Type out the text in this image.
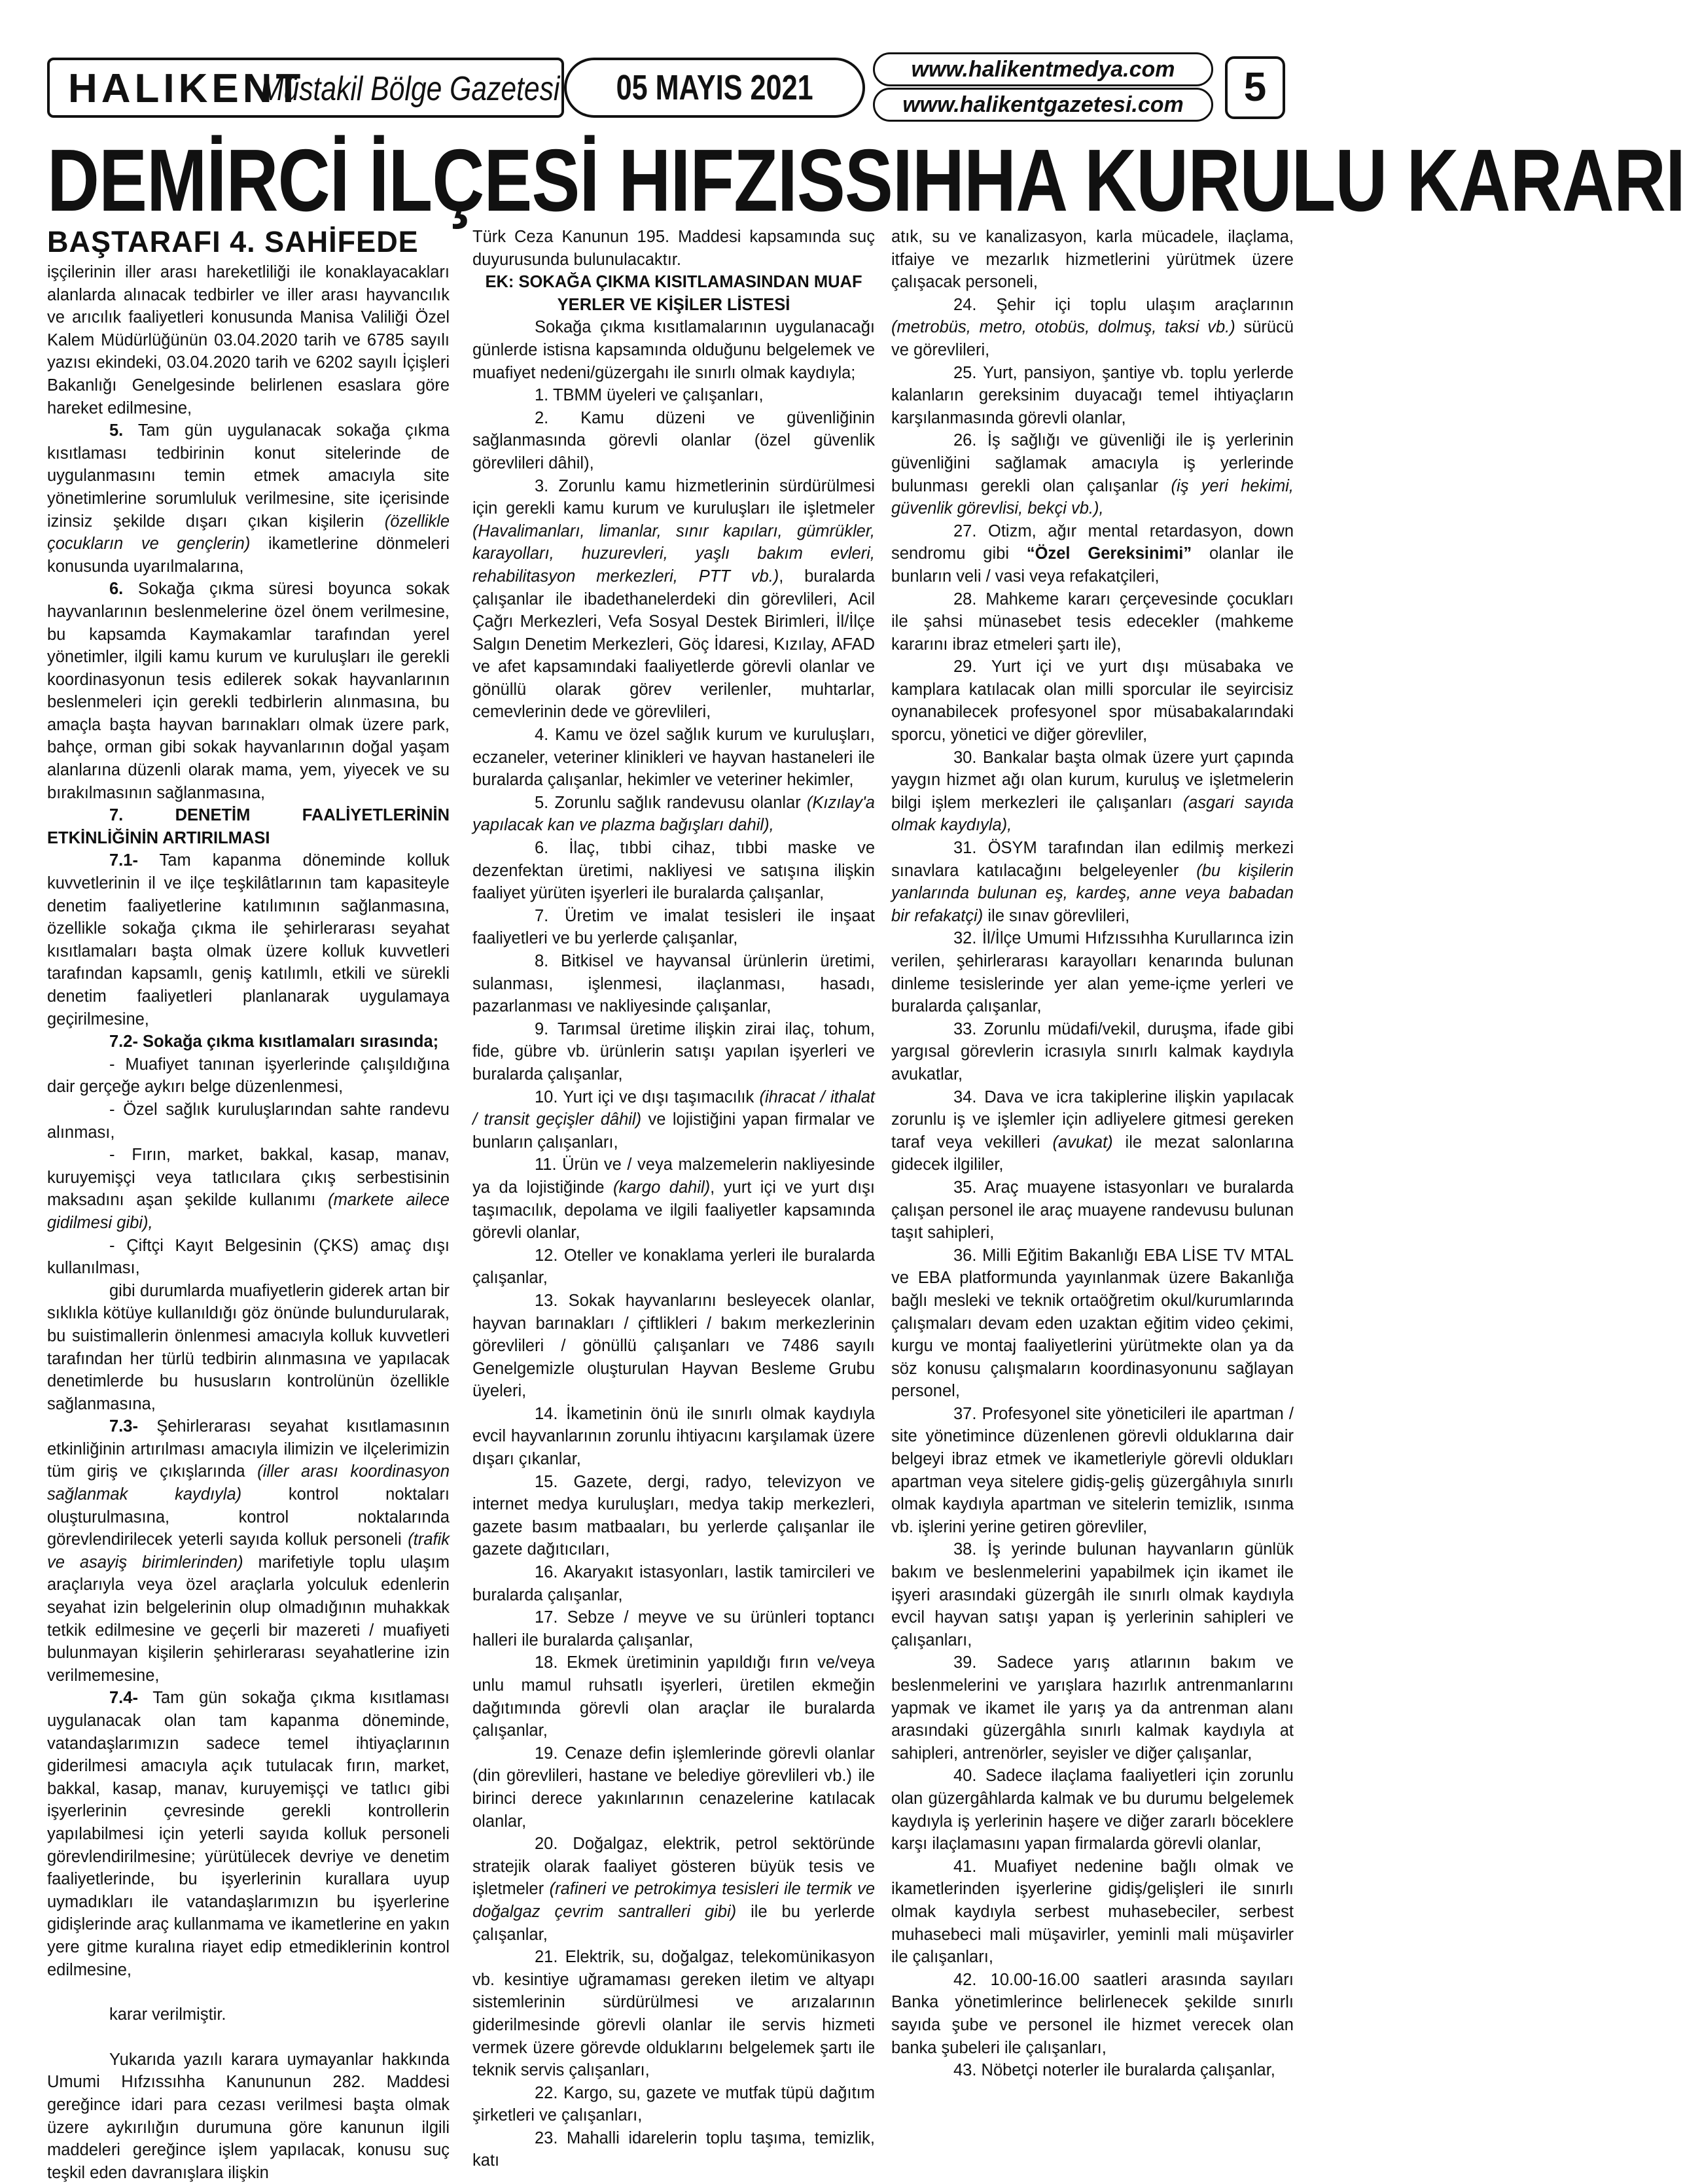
HALIKENT
Müstakil Bölge Gazetesi	05 MAYIS 2021	www.halikentmedya.com
www.halikentgazetesi.com	5
DEMİRCİ İLÇESİ HIFZISSIHHA KURULU KARARI

BAŞTARAFI 4. SAHİFEDE

işçilerinin iller arası hareketliliği ile konaklayacakları alanlarda alınacak tedbirler ve iller arası hayvancılık ve arıcılık faaliyetleri konusunda Manisa Valiliği Özel Kalem Müdürlüğünün 03.04.2020 tarih ve 6785 sayılı yazısı ekindeki, 03.04.2020 tarih ve 6202 sayılı İçişleri Bakanlığı Genelgesinde belirlenen esaslara göre hareket edilmesine,

5. Tam gün uygulanacak sokağa çıkma kısıtlaması tedbirinin konut sitelerinde de uygulanmasını temin etmek amacıyla site yönetimlerine sorumluluk verilmesine, site içerisinde izinsiz şekilde dışarı çıkan kişilerin (özellikle çocukların ve gençlerin) ikametlerine dönmeleri konusunda uyarılmalarına,

6. Sokağa çıkma süresi boyunca sokak hayvanlarının beslenmelerine özel önem verilmesine, bu kapsamda Kaymakamlar tarafından yerel yönetimler, ilgili kamu kurum ve kuruluşları ile gerekli koordinasyonun tesis edilerek sokak hayvanlarının beslenmeleri için gerekli tedbirlerin alınmasına, bu amaçla başta hayvan barınakları olmak üzere park, bahçe, orman gibi sokak hayvanlarının doğal yaşam alanlarına düzenli olarak mama, yem, yiyecek ve su bırakılmasının sağlanmasına,

7. DENETİM FAALİYETLERİNİN ETKİNLİĞİNİN ARTIRILMASI

7.1- Tam kapanma döneminde kolluk kuvvetlerinin il ve ilçe teşkilâtlarının tam kapasiteyle denetim faaliyetlerine katılımının sağlanmasına, özellikle sokağa çıkma ile şehirlerarası seyahat kısıtlamaları başta olmak üzere kolluk kuvvetleri tarafından kapsamlı, geniş katılımlı, etkili ve sürekli denetim faaliyetleri planlanarak uygulamaya geçirilmesine,

7.2- Sokağa çıkma kısıtlamaları sırasında;

- Muafiyet tanınan işyerlerinde çalışıldığına dair gerçeğe aykırı belge düzenlenmesi,

- Özel sağlık kuruluşlarından sahte randevu alınması,

- Fırın, market, bakkal, kasap, manav, kuruyemişçi veya tatlıcılara çıkış serbestisinin maksadını aşan şekilde kullanımı (markete ailece gidilmesi gibi),

- Çiftçi Kayıt Belgesinin (ÇKS) amaç dışı kullanılması,

gibi durumlarda muafiyetlerin giderek artan bir sıklıkla kötüye kullanıldığı göz önünde bulundurularak, bu suistimallerin önlenmesi amacıyla kolluk kuvvetleri tarafından her türlü tedbirin alınmasına ve yapılacak denetimlerde bu hususların kontrolünün özellikle sağlanmasına,

7.3- Şehirlerarası seyahat kısıtlamasının etkinliğinin artırılması amacıyla ilimizin ve ilçelerimizin tüm giriş ve çıkışlarında (iller arası koordinasyon sağlanmak kaydıyla) kontrol noktaları oluşturulmasına, kontrol noktalarında görevlendirilecek yeterli sayıda kolluk personeli (trafik ve asayiş birimlerinden) marifetiyle toplu ulaşım araçlarıyla veya özel araçlarla yolculuk edenlerin seyahat izin belgelerinin olup olmadığının muhakkak tetkik edilmesine ve geçerli bir mazereti / muafiyeti bulunmayan kişilerin şehirlerarası seyahatlerine izin verilmemesine,

7.4- Tam gün sokağa çıkma kısıtlaması uygulanacak olan tam kapanma döneminde, vatandaşlarımızın sadece temel ihtiyaçlarının giderilmesi amacıyla açık tutulacak fırın, market, bakkal, kasap, manav, kuruyemişçi ve tatlıcı gibi işyerlerinin çevresinde gerekli kontrollerin yapılabilmesi için yeterli sayıda kolluk personeli görevlendirilmesine; yürütülecek devriye ve denetim faaliyetlerinde, bu işyerlerinin kurallara uyup uymadıkları ile vatandaşlarımızın bu işyerlerine gidişlerinde araç kullanmama ve ikametlerine en yakın yere gitme kuralına riayet edip etmediklerinin kontrol edilmesine,

karar verilmiştir.

Yukarıda yazılı karara uymayanlar hakkında Umumi Hıfzıssıhha Kanununun 282. Maddesi gereğince idari para cezası verilmesi başta olmak üzere aykırılığın durumuna göre kanunun ilgili maddeleri gereğince işlem yapılacak, konusu suç teşkil eden davranışlara ilişkin

Türk Ceza Kanunun 195. Maddesi kapsamında suç duyurusunda bulunulacaktır.

EK: SOKAĞA ÇIKMA KISITLAMASINDAN MUAF YERLER VE KİŞİLER LİSTESİ

Sokağa çıkma kısıtlamalarının uygulanacağı günlerde istisna kapsamında olduğunu belgelemek ve muafiyet nedeni/güzergahı ile sınırlı olmak kaydıyla;

1. TBMM üyeleri ve çalışanları,

2. Kamu düzeni ve güvenliğinin sağlanmasında görevli olanlar (özel güvenlik görevlileri dâhil),

3. Zorunlu kamu hizmetlerinin sürdürülmesi için gerekli kamu kurum ve kuruluşları ile işletmeler (Havalimanları, limanlar, sınır kapıları, gümrükler, karayolları, huzurevleri, yaşlı bakım evleri, rehabilitasyon merkezleri, PTT vb.), buralarda çalışanlar ile ibadethanelerdeki din görevlileri, Acil Çağrı Merkezleri, Vefa Sosyal Destek Birimleri, İl/İlçe Salgın Denetim Merkezleri, Göç İdaresi, Kızılay, AFAD ve afet kapsamındaki faaliyetlerde görevli olanlar ve gönüllü olarak görev verilenler, muhtarlar, cemevlerinin dede ve görevlileri,

4. Kamu ve özel sağlık kurum ve kuruluşları, eczaneler, veteriner klinikleri ve hayvan hastaneleri ile buralarda çalışanlar, hekimler ve veteriner hekimler,

5. Zorunlu sağlık randevusu olanlar (Kızılay'a yapılacak kan ve plazma bağışları dahil),

6. İlaç, tıbbi cihaz, tıbbi maske ve dezenfektan üretimi, nakliyesi ve satışına ilişkin faaliyet yürüten işyerleri ile buralarda çalışanlar,

7. Üretim ve imalat tesisleri ile inşaat faaliyetleri ve bu yerlerde çalışanlar,

8. Bitkisel ve hayvansal ürünlerin üretimi, sulanması, işlenmesi, ilaçlanması, hasadı, pazarlanması ve nakliyesinde çalışanlar,

9. Tarımsal üretime ilişkin zirai ilaç, tohum, fide, gübre vb. ürünlerin satışı yapılan işyerleri ve buralarda çalışanlar,

10. Yurt içi ve dışı taşımacılık (ihracat / ithalat / transit geçişler dâhil) ve lojistiğini yapan firmalar ve bunların çalışanları,

11. Ürün ve / veya malzemelerin nakliyesinde ya da lojistiğinde (kargo dahil), yurt içi ve yurt dışı taşımacılık, depolama ve ilgili faaliyetler kapsamında görevli olanlar,

12. Oteller ve konaklama yerleri ile buralarda çalışanlar,

13. Sokak hayvanlarını besleyecek olanlar, hayvan barınakları / çiftlikleri / bakım merkezlerinin görevlileri / gönüllü çalışanları ve 7486 sayılı Genelgemizle oluşturulan Hayvan Besleme Grubu üyeleri,

14. İkametinin önü ile sınırlı olmak kaydıyla evcil hayvanlarının zorunlu ihtiyacını karşılamak üzere dışarı çıkanlar,

15. Gazete, dergi, radyo, televizyon ve internet medya kuruluşları, medya takip merkezleri, gazete basım matbaaları, bu yerlerde çalışanlar ile gazete dağıtıcıları,

16. Akaryakıt istasyonları, lastik tamircileri ve buralarda çalışanlar,

17. Sebze / meyve ve su ürünleri toptancı halleri ile buralarda çalışanlar,

18. Ekmek üretiminin yapıldığı fırın ve/veya unlu mamul ruhsatlı işyerleri, üretilen ekmeğin dağıtımında görevli olan araçlar ile buralarda çalışanlar,

19. Cenaze defin işlemlerinde görevli olanlar (din görevlileri, hastane ve belediye görevlileri vb.) ile birinci derece yakınlarının cenazelerine katılacak olanlar,

20. Doğalgaz, elektrik, petrol sektöründe stratejik olarak faaliyet gösteren büyük tesis ve işletmeler (rafineri ve petrokimya tesisleri ile termik ve doğalgaz çevrim santralleri gibi) ile bu yerlerde çalışanlar,

21. Elektrik, su, doğalgaz, telekomünikasyon vb. kesintiye uğramaması gereken iletim ve altyapı sistemlerinin sürdürülmesi ve arızalarının giderilmesinde görevli olanlar ile servis hizmeti vermek üzere görevde olduklarını belgelemek şartı ile teknik servis çalışanları,

22. Kargo, su, gazete ve mutfak tüpü dağıtım şirketleri ve çalışanları,

23. Mahalli idarelerin toplu taşıma, temizlik, katı

atık, su ve kanalizasyon, karla mücadele, ilaçlama, itfaiye ve mezarlık hizmetlerini yürütmek üzere çalışacak personeli,

24. Şehir içi toplu ulaşım araçlarının (metrobüs, metro, otobüs, dolmuş, taksi vb.) sürücü ve görevlileri,

25. Yurt, pansiyon, şantiye vb. toplu yerlerde kalanların gereksinim duyacağı temel ihtiyaçların karşılanmasında görevli olanlar,

26. İş sağlığı ve güvenliği ile iş yerlerinin güvenliğini sağlamak amacıyla iş yerlerinde bulunması gerekli olan çalışanlar (iş yeri hekimi, güvenlik görevlisi, bekçi vb.),

27. Otizm, ağır mental retardasyon, down sendromu gibi “Özel Gereksinimi” olanlar ile bunların veli / vasi veya refakatçileri,

28. Mahkeme kararı çerçevesinde çocukları ile şahsi münasebet tesis edecekler (mahkeme kararını ibraz etmeleri şartı ile),

29. Yurt içi ve yurt dışı müsabaka ve kamplara katılacak olan milli sporcular ile seyircisiz oynanabilecek profesyonel spor müsabakalarındaki sporcu, yönetici ve diğer görevliler,

30. Bankalar başta olmak üzere yurt çapında yaygın hizmet ağı olan kurum, kuruluş ve işletmelerin bilgi işlem merkezleri ile çalışanları (asgari sayıda olmak kaydıyla),

31. ÖSYM tarafından ilan edilmiş merkezi sınavlara katılacağını belgeleyenler (bu kişilerin yanlarında bulunan eş, kardeş, anne veya babadan bir refakatçi) ile sınav görevlileri,

32. İl/İlçe Umumi Hıfzıssıhha Kurullarınca izin verilen, şehirlerarası karayolları kenarında bulunan dinleme tesislerinde yer alan yeme-içme yerleri ve buralarda çalışanlar,

33. Zorunlu müdafi/vekil, duruşma, ifade gibi yargısal görevlerin icrasıyla sınırlı kalmak kaydıyla avukatlar,

34. Dava ve icra takiplerine ilişkin yapılacak zorunlu iş ve işlemler için adliyelere gitmesi gereken taraf veya vekilleri (avukat) ile mezat salonlarına gidecek ilgililer,

35. Araç muayene istasyonları ve buralarda çalışan personel ile araç muayene randevusu bulunan taşıt sahipleri,

36. Milli Eğitim Bakanlığı EBA LİSE TV MTAL ve EBA platformunda yayınlanmak üzere Bakanlığa bağlı mesleki ve teknik ortaöğretim okul/kurumlarında çalışmaları devam eden uzaktan eğitim video çekimi, kurgu ve montaj faaliyetlerini yürütmekte olan ya da söz konusu çalışmaların koordinasyonunu sağlayan personel,

37. Profesyonel site yöneticileri ile apartman / site yönetimince düzenlenen görevli olduklarına dair belgeyi ibraz etmek ve ikametleriyle görevli oldukları apartman veya sitelere gidiş-geliş güzergâhıyla sınırlı olmak kaydıyla apartman ve sitelerin temizlik, ısınma vb. işlerini yerine getiren görevliler,

38. İş yerinde bulunan hayvanların günlük bakım ve beslenmelerini yapabilmek için ikamet ile işyeri arasındaki güzergâh ile sınırlı olmak kaydıyla evcil hayvan satışı yapan iş yerlerinin sahipleri ve çalışanları,

39. Sadece yarış atlarının bakım ve beslenmelerini ve yarışlara hazırlık antrenmanlarını yapmak ve ikamet ile yarış ya da antrenman alanı arasındaki güzergâhla sınırlı kalmak kaydıyla at sahipleri, antrenörler, seyisler ve diğer çalışanlar,

40. Sadece ilaçlama faaliyetleri için zorunlu olan güzergâhlarda kalmak ve bu durumu belgelemek kaydıyla iş yerlerinin haşere ve diğer zararlı böceklere karşı ilaçlamasını yapan firmalarda görevli olanlar,

41. Muafiyet nedenine bağlı olmak ve ikametlerinden işyerlerine gidiş/gelişleri ile sınırlı olmak kaydıyla serbest muhasebeciler, serbest muhasebeci mali müşavirler, yeminli mali müşavirler ile çalışanları,

42. 10.00-16.00 saatleri arasında sayıları Banka yönetimlerince belirlenecek şekilde sınırlı sayıda şube ve personel ile hizmet verecek olan banka şubeleri ile çalışanları,

43. Nöbetçi noterler ile buralarda çalışanlar,
